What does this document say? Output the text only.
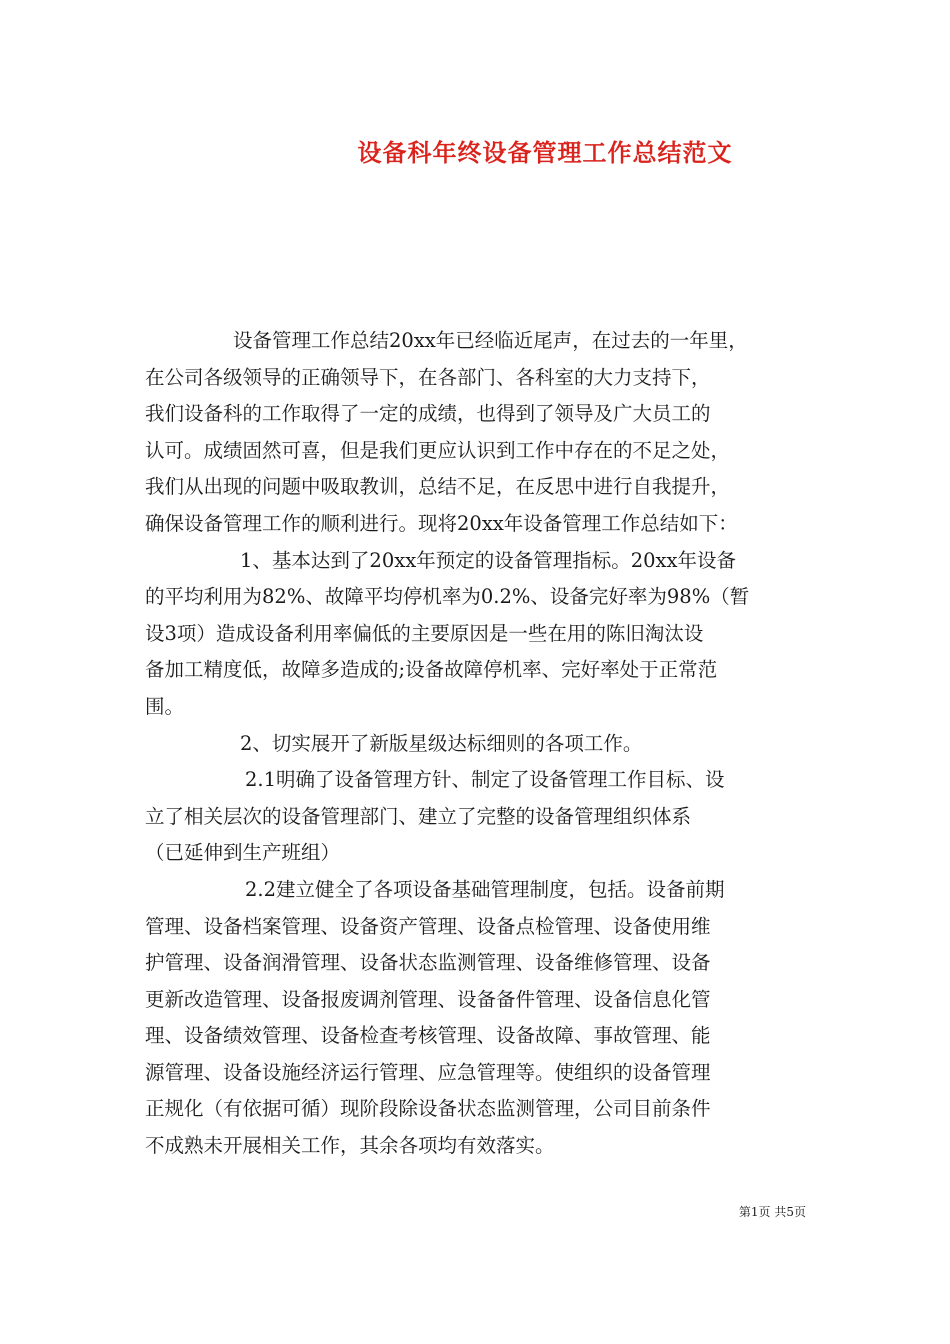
设备科年终设备管理工作总结范文

设备管理工作总结20xx年已经临近尾声，在过去的一年里，
在公司各级领导的正确领导下，在各部门、各科室的大力支持下，
我们设备科的工作取得了一定的成绩，也得到了领导及广大员工的
认可。成绩固然可喜，但是我们更应认识到工作中存在的不足之处，
我们从出现的问题中吸取教训，总结不足，在反思中进行自我提升，
确保设备管理工作的顺利进行。现将20xx年设备管理工作总结如下：

1、基本达到了20xx年预定的设备管理指标。20xx年设备
的平均利用为82%、故障平均停机率为0.2%、设备完好率为98%（暂
设3项）造成设备利用率偏低的主要原因是一些在用的陈旧淘汰设
备加工精度低，故障多造成的;设备故障停机率、完好率处于正常范
围。

2、切实展开了新版星级达标细则的各项工作。

2.1明确了设备管理方针、制定了设备管理工作目标、设
立了相关层次的设备管理部门、建立了完整的设备管理组织体系
（已延伸到生产班组）

2.2建立健全了各项设备基础管理制度，包括。设备前期
管理、设备档案管理、设备资产管理、设备点检管理、设备使用维
护管理、设备润滑管理、设备状态监测管理、设备维修管理、设备
更新改造管理、设备报废调剂管理、设备备件管理、设备信息化管
理、设备绩效管理、设备检查考核管理、设备故障、事故管理、能
源管理、设备设施经济运行管理、应急管理等。使组织的设备管理
正规化（有依据可循）现阶段除设备状态监测管理，公司目前条件
不成熟未开展相关工作，其余各项均有效落实。

第1页 共5页
